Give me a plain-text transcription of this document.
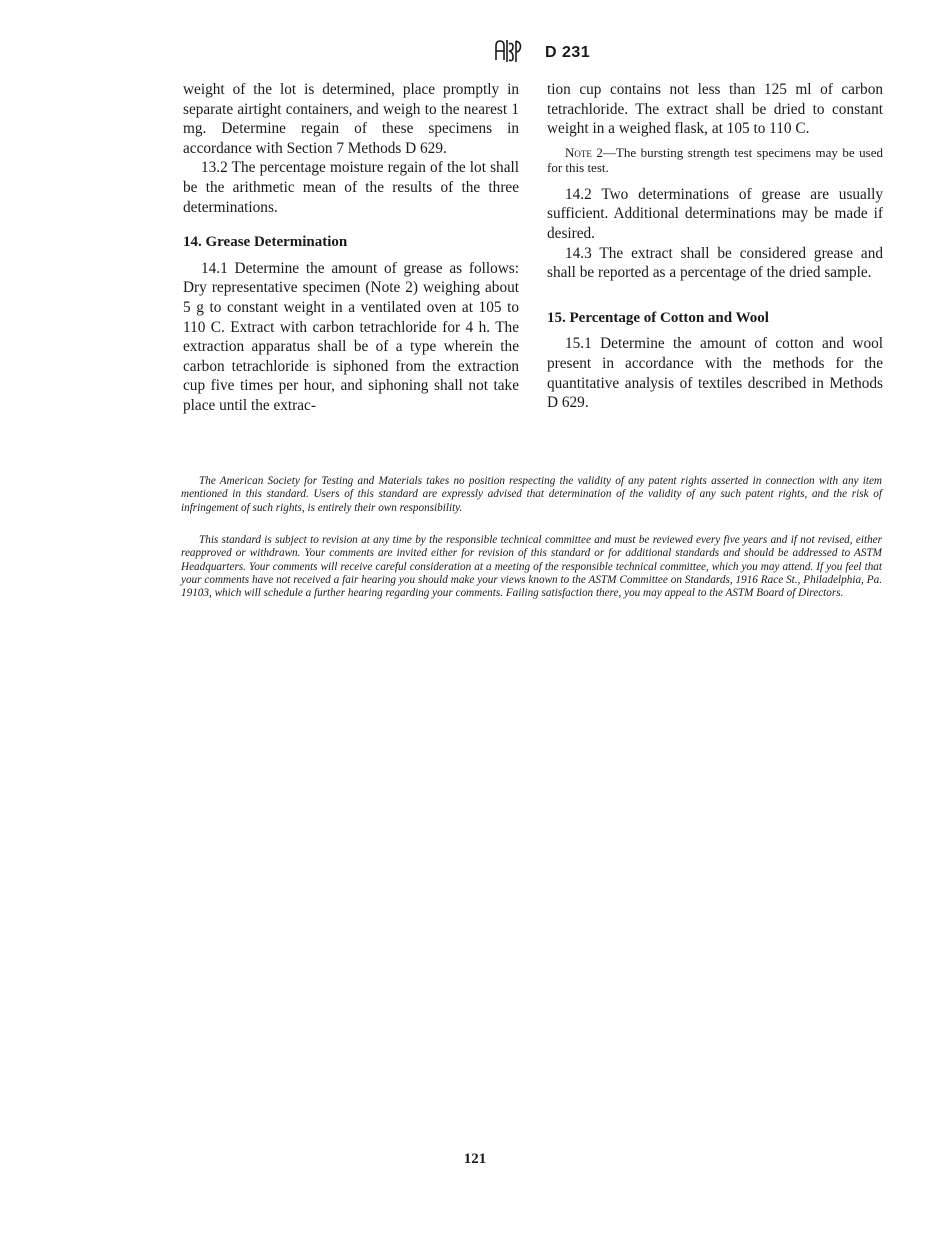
D 231

weight of the lot is determined, place promptly in separate airtight containers, and weigh to the nearest 1 mg. Determine regain of these specimens in accordance with Section 7 Methods D 629.

13.2 The percentage moisture regain of the lot shall be the arithmetic mean of the results of the three determinations.

14. Grease Determination

14.1 Determine the amount of grease as follows: Dry representative specimen (Note 2) weighing about 5 g to constant weight in a ventilated oven at 105 to 110 C. Extract with carbon tetrachloride for 4 h. The extraction apparatus shall be of a type wherein the carbon tetrachloride is siphoned from the extraction cup five times per hour, and siphoning shall not take place until the extrac-

tion cup contains not less than 125 ml of carbon tetrachloride. The extract shall be dried to constant weight in a weighed flask, at 105 to 110 C.

Note 2—The bursting strength test specimens may be used for this test.

14.2 Two determinations of grease are usually sufficient. Additional determinations may be made if desired.

14.3 The extract shall be considered grease and shall be reported as a percentage of the dried sample.

15. Percentage of Cotton and Wool

15.1 Determine the amount of cotton and wool present in accordance with the methods for the quantitative analysis of textiles described in Methods D 629.

The American Society for Testing and Materials takes no position respecting the validity of any patent rights asserted in connection with any item mentioned in this standard. Users of this standard are expressly advised that determination of the validity of any such patent rights, and the risk of infringement of such rights, is entirely their own responsibility.
This standard is subject to revision at any time by the responsible technical committee and must be reviewed every five years and if not revised, either reapproved or withdrawn. Your comments are invited either for revision of this standard or for additional standards and should be addressed to ASTM Headquarters. Your comments will receive careful consideration at a meeting of the responsible technical committee, which you may attend. If you feel that your comments have not received a fair hearing you should make your views known to the ASTM Committee on Standards, 1916 Race St., Philadelphia, Pa. 19103, which will schedule a further hearing regarding your comments. Failing satisfaction there, you may appeal to the ASTM Board of Directors.
121
